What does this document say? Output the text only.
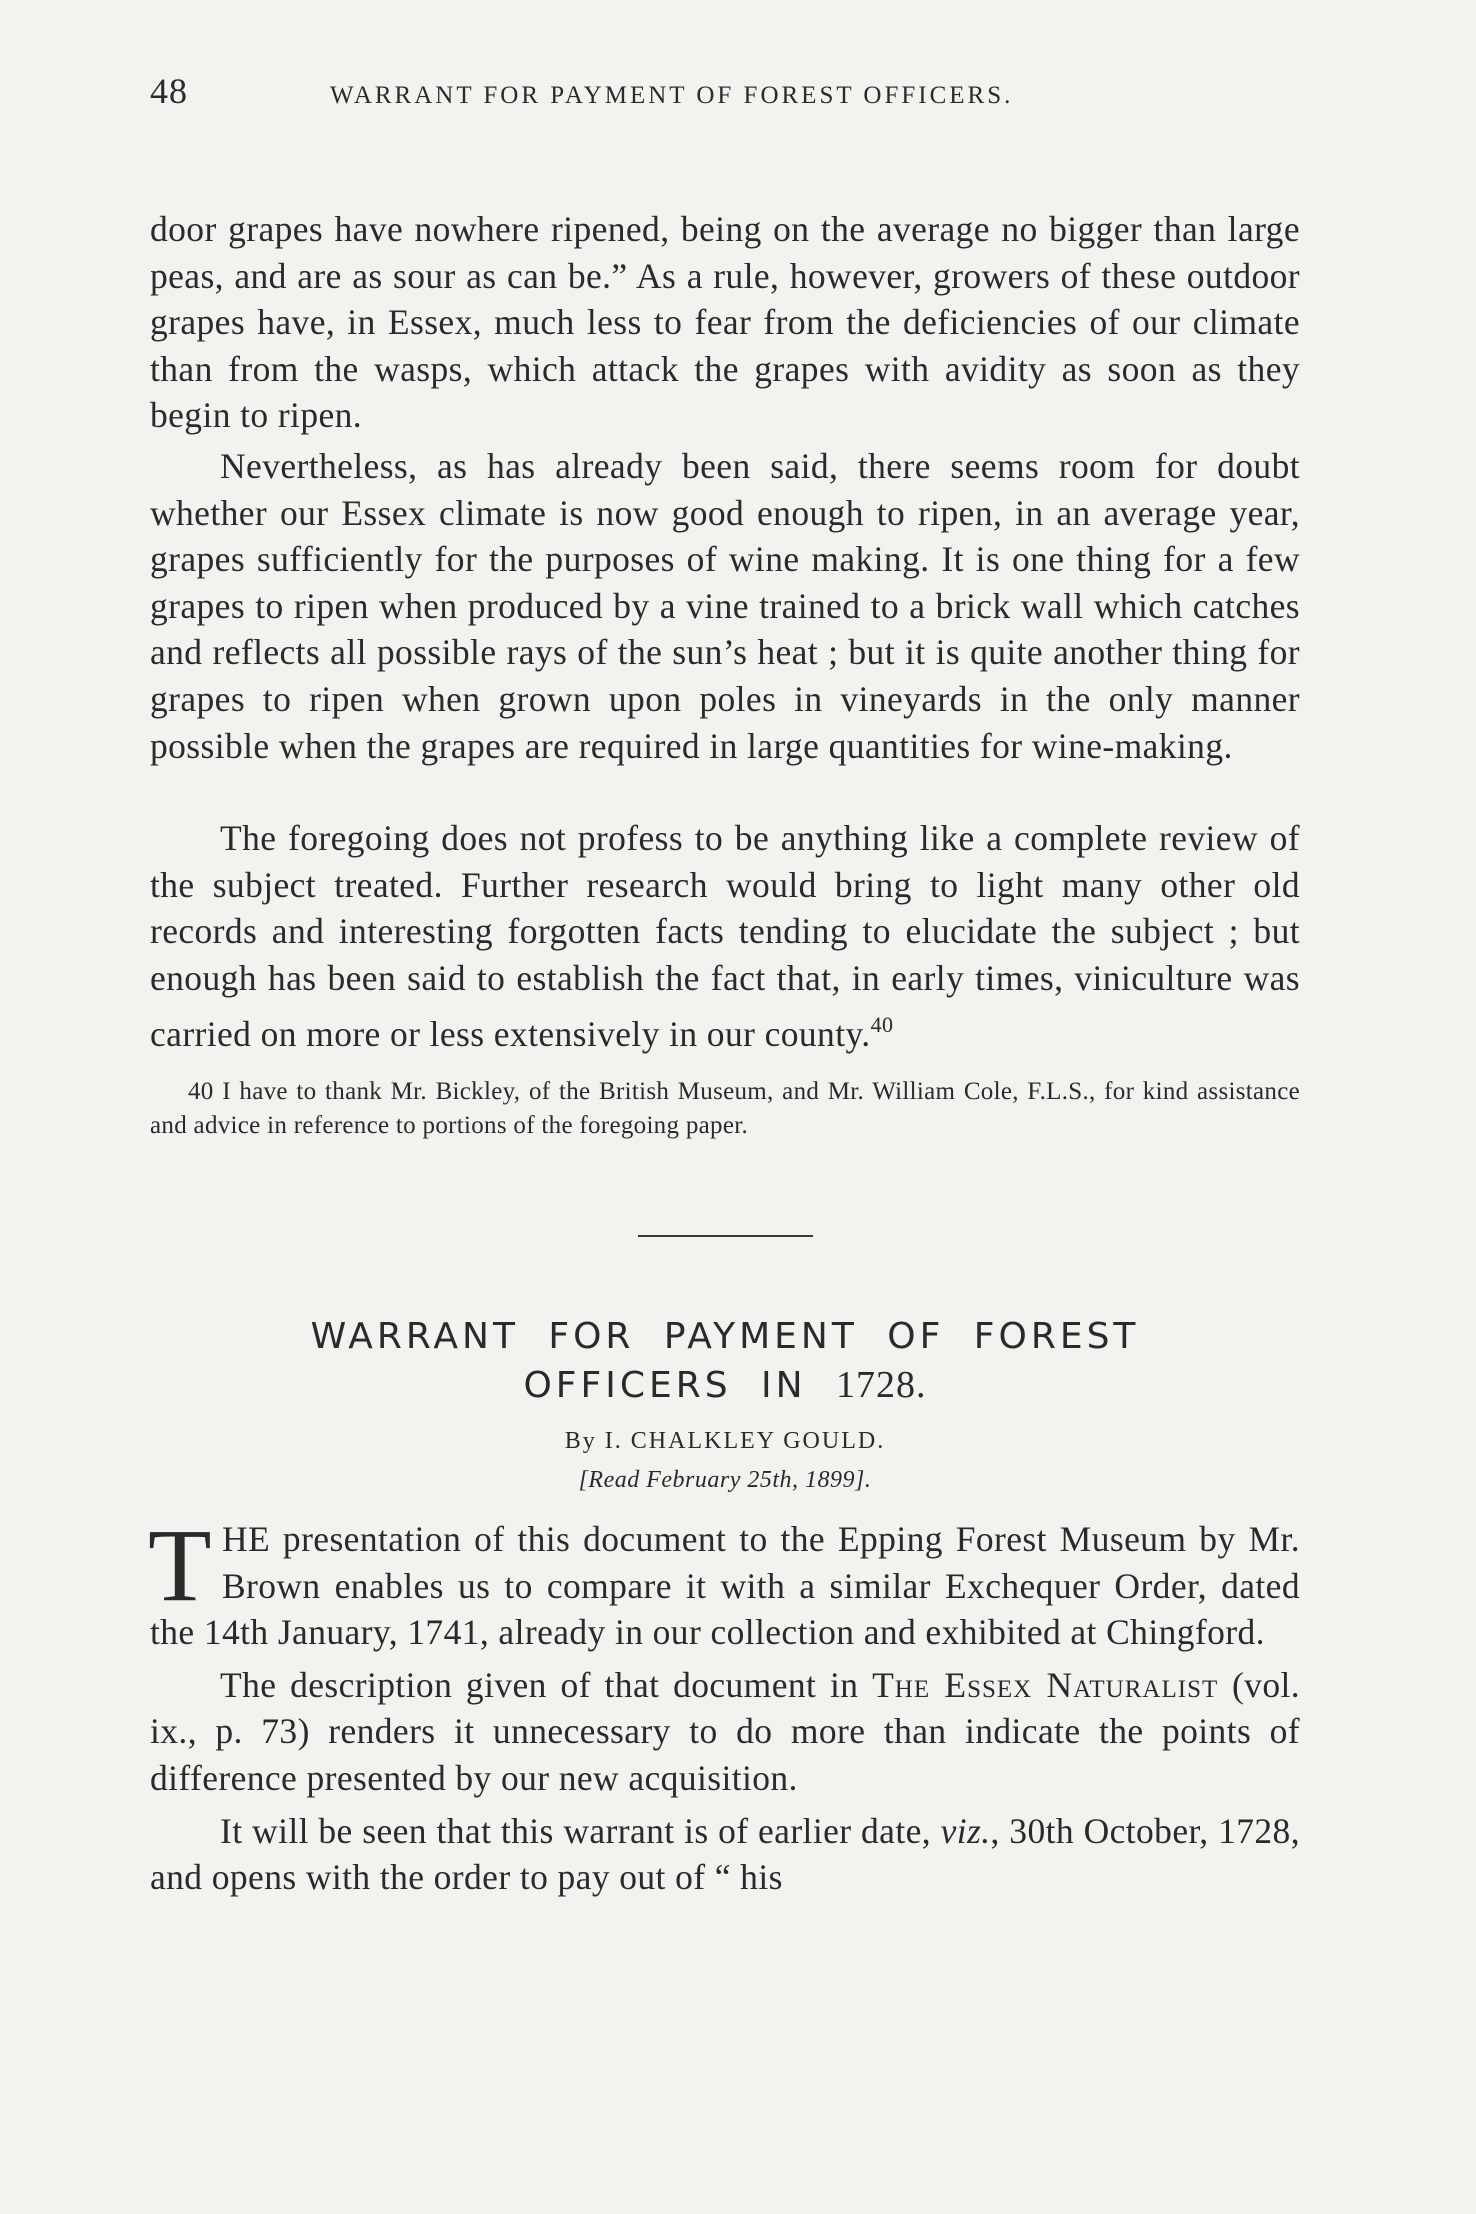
48	WARRANT FOR PAYMENT OF FOREST OFFICERS.

door grapes have nowhere ripened, being on the average no bigger than large peas, and are as sour as can be.” As a rule, however, growers of these outdoor grapes have, in Essex, much less to fear from the deficiencies of our climate than from the wasps, which attack the grapes with avidity as soon as they begin to ripen.

Nevertheless, as has already been said, there seems room for doubt whether our Essex climate is now good enough to ripen, in an average year, grapes sufficiently for the purposes of wine making. It is one thing for a few grapes to ripen when produced by a vine trained to a brick wall which catches and reflects all possible rays of the sun’s heat ; but it is quite another thing for grapes to ripen when grown upon poles in vineyards in the only manner possible when the grapes are required in large quantities for wine-making.

The foregoing does not profess to be anything like a complete review of the subject treated. Further research would bring to light many other old records and interesting forgotten facts tending to elucidate the subject ; but enough has been said to establish the fact that, in early times, viniculture was carried on more or less extensively in our county.$^{40}$

40 I have to thank Mr. Bickley, of the British Museum, and Mr. William Cole, F.L.S., for kind assistance and advice in reference to portions of the foregoing paper.

WARRANT FOR PAYMENT OF FOREST
OFFICERS IN 1728.
By I. CHALKLEY GOULD.
[Read February 25th, 1899].

THE presentation of this document to the Epping Forest Museum by Mr. Brown enables us to compare it with a similar Exchequer Order, dated the 14th January, 1741, already in our collection and exhibited at Chingford.

The description given of that document in The Essex Naturalist (vol. ix., p. 73) renders it unnecessary to do more than indicate the points of difference presented by our new acquisition.

It will be seen that this warrant is of earlier date, viz., 30th October, 1728, and opens with the order to pay out of “ his
